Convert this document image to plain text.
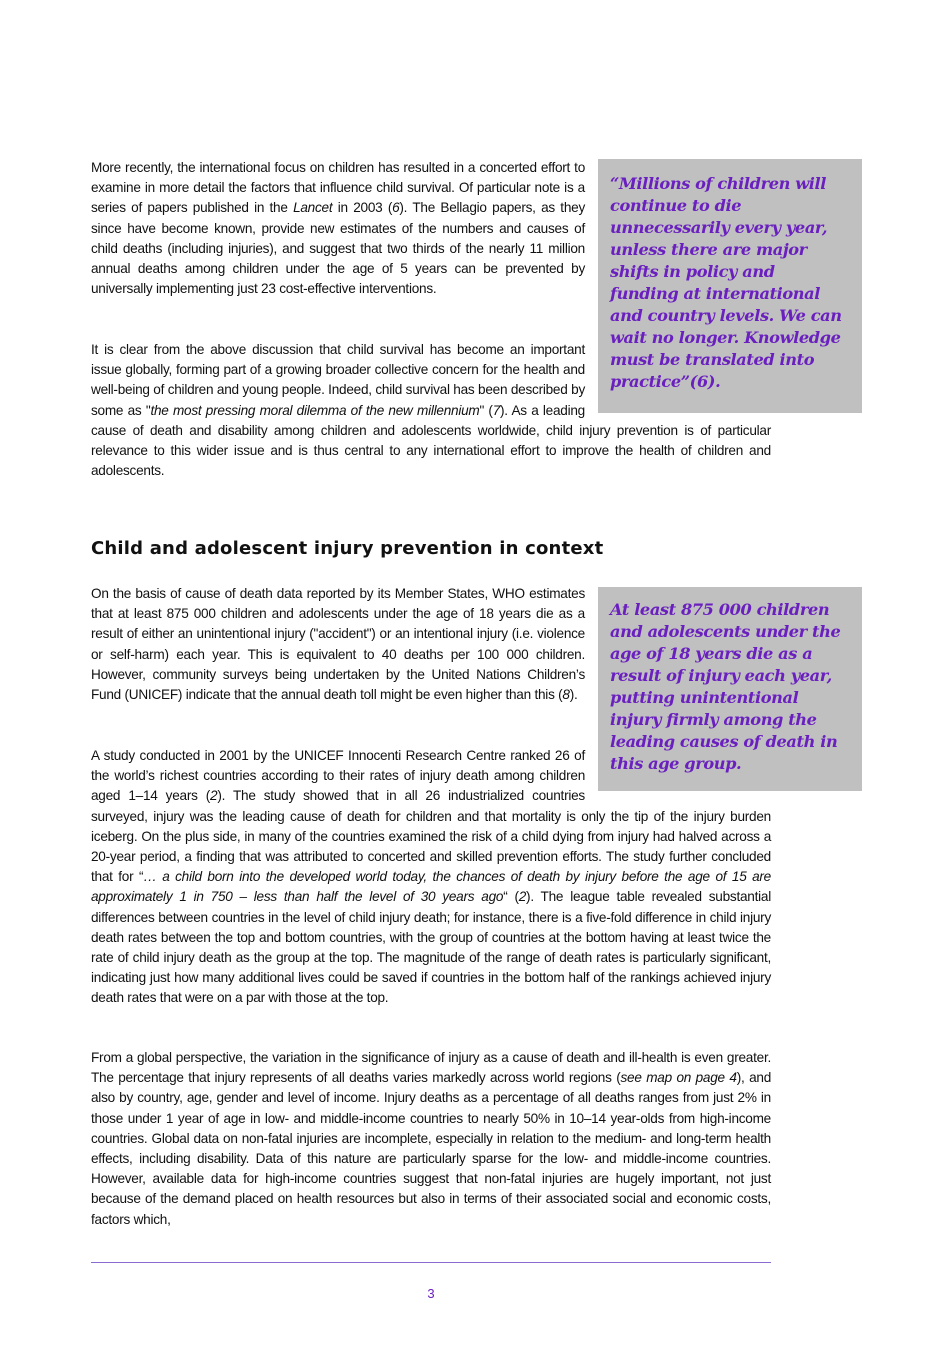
“Millions of children will continue to die unnecessarily every year, unless there are major shifts in policy and funding at international and country levels. We can wait no longer. Knowledge must be translated into practice”(6).

More recently, the international focus on children has resulted in a concerted effort to examine in more detail the factors that influence child survival. Of particular note is a series of papers published in the Lancet in 2003 (6). The Bellagio papers, as they since have become known, provide new estimates of the numbers and causes of child deaths (including injuries), and suggest that two thirds of the nearly 11 million annual deaths among children under the age of 5 years can be prevented by universally implementing just 23 cost-effective interventions.

It is clear from the above discussion that child survival has become an important issue globally, forming part of a growing broader collective concern for the health and well-being of children and young people. Indeed, child survival has been described by some as "the most pressing moral dilemma of the new millennium" (7). As a leading cause of death and disability among children and adolescents worldwide, child injury prevention is of particular relevance to this wider issue and is thus central to any international effort to improve the health of children and adolescents.

Child and adolescent injury prevention in context

At least 875 000 children and adolescents under the age of 18 years die as a result of injury each year, putting unintentional injury firmly among the leading causes of death in this age group.

On the basis of cause of death data reported by its Member States, WHO estimates that at least 875 000 children and adolescents under the age of 18 years die as a result of either an unintentional injury ("accident") or an intentional injury (i.e. violence or self-harm) each year. This is equivalent to 40 deaths per 100 000 children. However, community surveys being undertaken by the United Nations Children’s Fund (UNICEF) indicate that the annual death toll might be even higher than this (8).

A study conducted in 2001 by the UNICEF Innocenti Research Centre ranked 26 of the world’s richest countries according to their rates of injury death among children aged 1–14 years (2). The study showed that in all 26 industrialized countries surveyed, injury was the leading cause of death for children and that mortality is only the tip of the injury burden iceberg. On the plus side, in many of the countries examined the risk of a child dying from injury had halved across a 20-year period, a finding that was attributed to concerted and skilled prevention efforts. The study further concluded that for “… a child born into the developed world today, the chances of death by injury before the age of 15 are approximately 1 in 750 – less than half the level of 30 years ago“ (2). The league table revealed substantial differences between countries in the level of child injury death; for instance, there is a five-fold difference in child injury death rates between the top and bottom countries, with the group of countries at the bottom having at least twice the rate of child injury death as the group at the top. The magnitude of the range of death rates is particularly significant, indicating just how many additional lives could be saved if countries in the bottom half of the rankings achieved injury death rates that were on a par with those at the top.

From a global perspective, the variation in the significance of injury as a cause of death and ill-health is even greater. The percentage that injury represents of all deaths varies markedly across world regions (see map on page 4), and also by country, age, gender and level of income. Injury deaths as a percentage of all deaths ranges from just 2% in those under 1 year of age in low- and middle-income countries to nearly 50% in 10–14 year-olds from high-income countries. Global data on non-fatal injuries are incomplete, especially in relation to the medium- and long-term health effects, including disability. Data of this nature are particularly sparse for the low- and middle-income countries. However, available data for high-income countries suggest that non-fatal injuries are hugely important, not just because of the demand placed on health resources but also in terms of their associated social and economic costs, factors which,

3
